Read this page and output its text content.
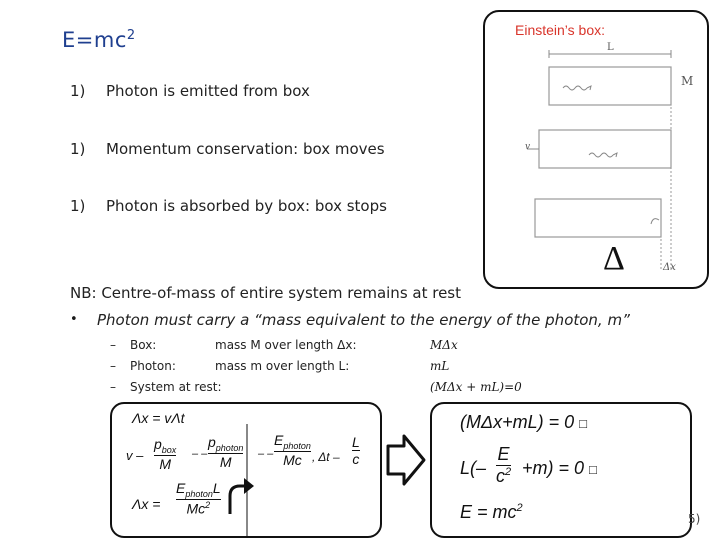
$E=mc^2$
1) Photon is emitted from box
1) Momentum conservation: box moves
1) Photon is absorbed by box: box stops
Einstein’s box:
M
L
v
Δx
Δ
NB: Centre-of-mass of entire system remains at rest
• Photon must carry a “mass equivalent to the energy of the photon, m”
– Box:	mass M over length Δx:	MΔx
– Photon:	mass m over length L:	mL
– System at rest:	(MΔx + mL)=0
Λx = vΛt
v –
$p_{box}$
M
– –
$p_{photon}$
M – –
$E_{photon}$
Mc , Δt –
L
c
Λx =
$E_{photon}L$
Mc$^2$
(MΔx+mL) = 0 □
L(–
E
$c^2 +m) = 0$ □
$E = mc^2$
5)
